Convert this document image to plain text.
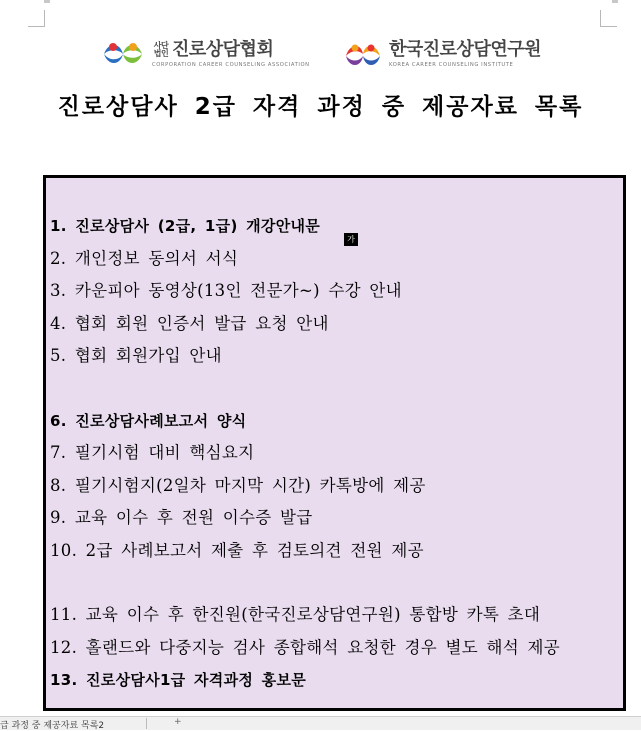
사단법인 진로상담협회
CORPORATION CAREER COUNSELING ASSOCIATION
한국진로상담연구원
KOREA CAREER COUNSELING INSTITUTE
진로상담사 2급 자격 과정 중 제공자료 목록
가
1. 진로상담사 (2급, 1급) 개강안내문
2. 개인정보 동의서 서식
3. 카운피아 동영상(13인 전문가~) 수강 안내
4. 협회 회원 인증서 발급 요청 안내
5. 협회 회원가입 안내
6. 진로상담사례보고서 양식
7. 필기시험 대비 핵심요지
8. 필기시험지(2일차 마지막 시간) 카톡방에 제공
9. 교육 이수 후 전원 이수증 발급
10. 2급 사례보고서 제출 후 검토의견 전원 제공
11. 교육 이수 후 한진원(한국진로상담연구원) 통합방 카톡 초대
12. 홀랜드와 다중지능 검사 종합해석 요청한 경우 별도 해석 제공
13. 진로상담사1급 자격과정 홍보문
급 과정 중 제공자료 목록2	+
